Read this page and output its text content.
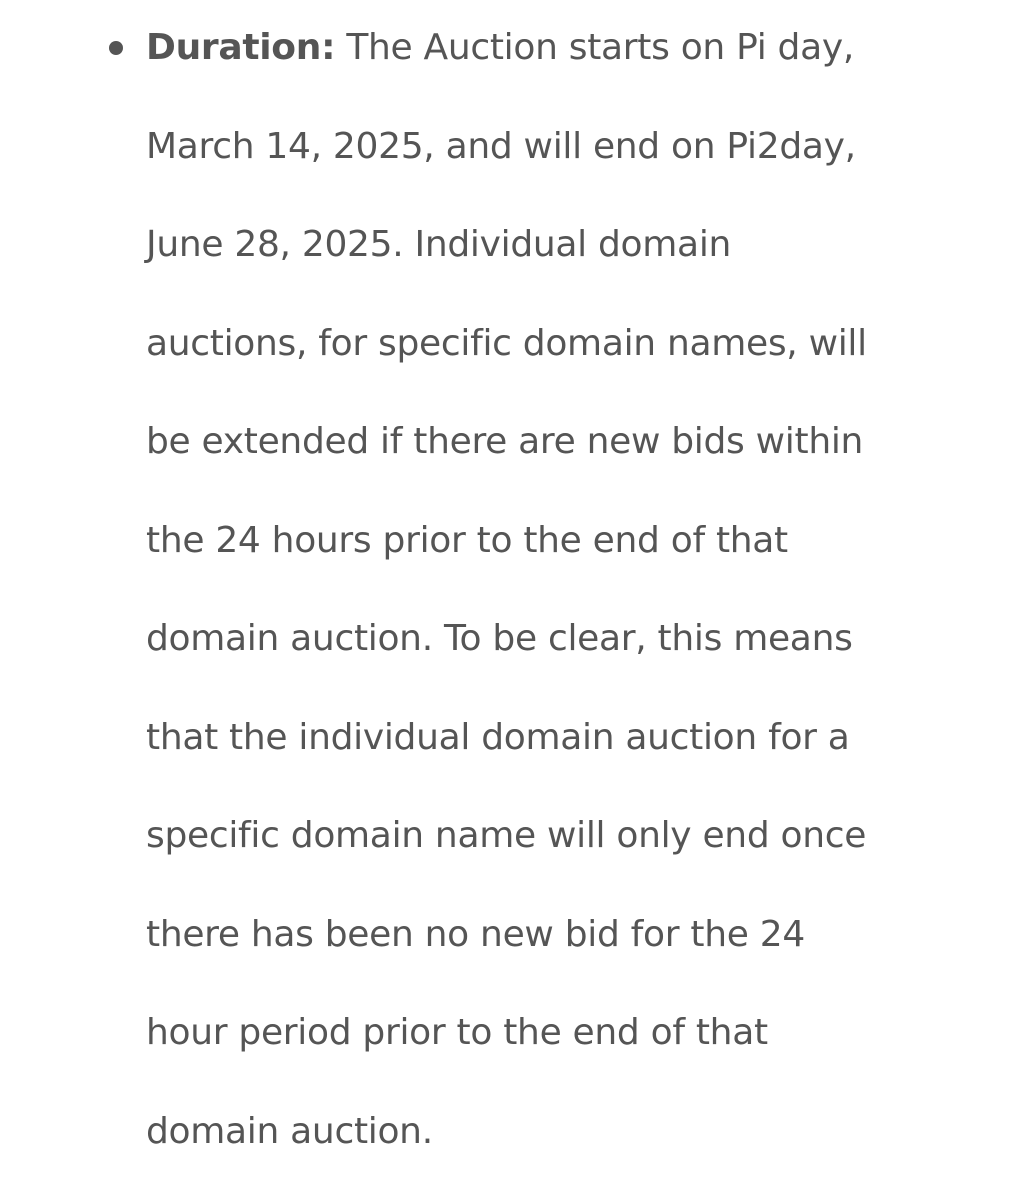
Duration: The Auction starts on Pi day,
March 14, 2025, and will end on Pi2day,
June 28, 2025. Individual domain
auctions, for specific domain names, will
be extended if there are new bids within
the 24 hours prior to the end of that
domain auction. To be clear, this means
that the individual domain auction for a
specific domain name will only end once
there has been no new bid for the 24
hour period prior to the end of that
domain auction.
